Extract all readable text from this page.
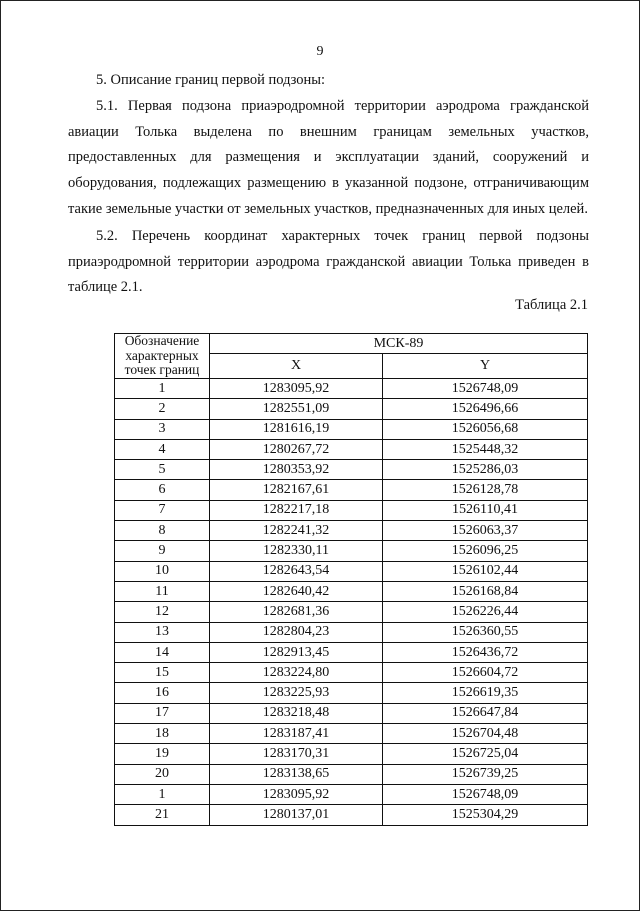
9

5. Описание границ первой подзоны:

5.1. Первая подзона приаэродромной территории аэродрома гражданской авиации Толька выделена по внешним границам земельных участков, предоставленных для размещения и эксплуатации зданий, сооружений и оборудования, подлежащих размещению в указанной подзоне, отграничивающим такие земельные участки от земельных участков, предназначенных для иных целей.

5.2. Перечень координат характерных точек границ первой подзоны приаэродромной территории аэродрома гражданской авиации Толька приведен в таблице 2.1.

Таблица 2.1
Обозначение характерных точек границ	МСК-89	
	X	Y
1	1283095,92	1526748,09
2	1282551,09	1526496,66
3	1281616,19	1526056,68
4	1280267,72	1525448,32
5	1280353,92	1525286,03
6	1282167,61	1526128,78
7	1282217,18	1526110,41
8	1282241,32	1526063,37
9	1282330,11	1526096,25
10	1282643,54	1526102,44
11	1282640,42	1526168,84
12	1282681,36	1526226,44
13	1282804,23	1526360,55
14	1282913,45	1526436,72
15	1283224,80	1526604,72
16	1283225,93	1526619,35
17	1283218,48	1526647,84
18	1283187,41	1526704,48
19	1283170,31	1526725,04
20	1283138,65	1526739,25
1	1283095,92	1526748,09
21	1280137,01	1525304,29
